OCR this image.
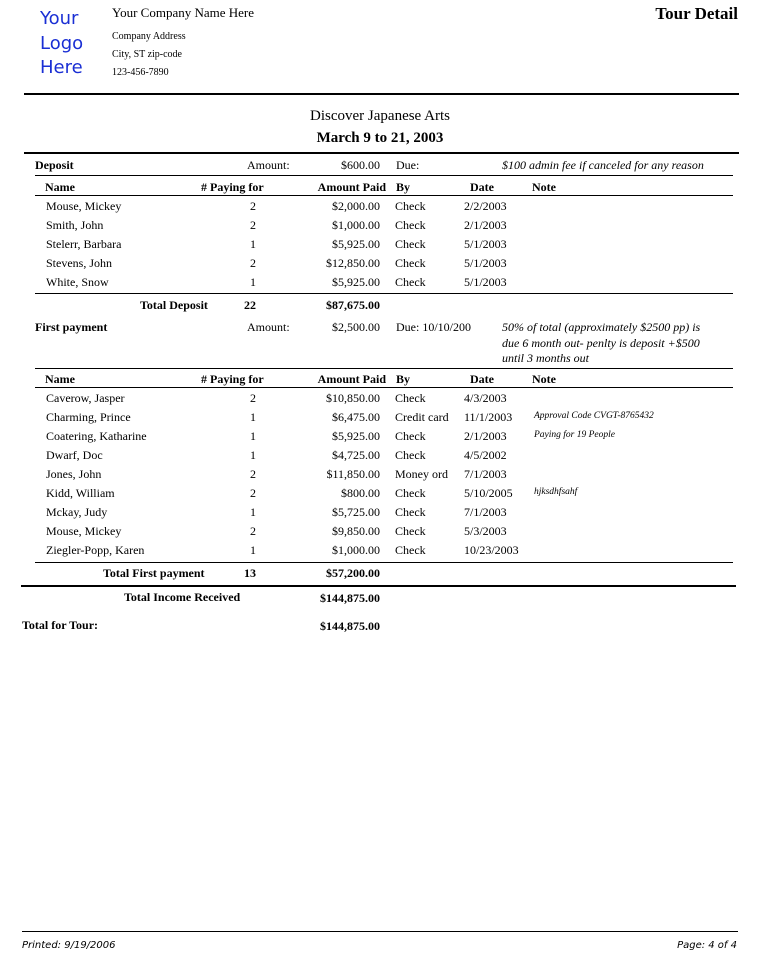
Your
Logo
Here
Your Company Name Here
Company Address
City, ST zip-code
123-456-7890
Tour Detail
Discover Japanese Arts
March 9 to 21, 2003
Deposit	Amount:	$600.00 Due:	$100 admin fee if canceled for any reason
Name	# Paying for	Amount Paid By	Date	Note
Mouse, Mickey	2	$2,000.00 Check	2/2/2003
Smith, John	2	$1,000.00 Check	2/1/2003
Stelerr, Barbara	1	$5,925.00 Check	5/1/2003
Stevens, John	2	$12,850.00 Check	5/1/2003
White, Snow	1	$5,925.00 Check	5/1/2003
Total Deposit	22	$87,675.00
First payment	Amount:	$2,500.00 Due: 10/10/200	50% of total (approximately $2500 pp) is
due 6 month out- penlty is deposit +$500
until 3 months out
Name	# Paying for	Amount Paid By	Date	Note
Caverow, Jasper	2	$10,850.00 Check	4/3/2003
Charming, Prince	1	$6,475.00 Credit card 11/1/2003 Approval Code CVGT-8765432
Coatering, Katharine	1	$5,925.00 Check	2/1/2003	Paying for 19 People
Dwarf, Doc	1	$4,725.00 Check	4/5/2002
Jones, John	2	$11,850.00 Money ord 7/1/2003
Kidd, William	2	$800.00 Check	5/10/2005 hjksdhfsahf
Mckay, Judy	1	$5,725.00 Check	7/1/2003
Mouse, Mickey	2	$9,850.00 Check	5/3/2003
Ziegler-Popp, Karen	1	$1,000.00 Check	10/23/2003
Total First payment	13	$57,200.00
Total Income Received	$144,875.00
Total for Tour:	$144,875.00
Printed: 9/19/2006	Page: 4 of 4
